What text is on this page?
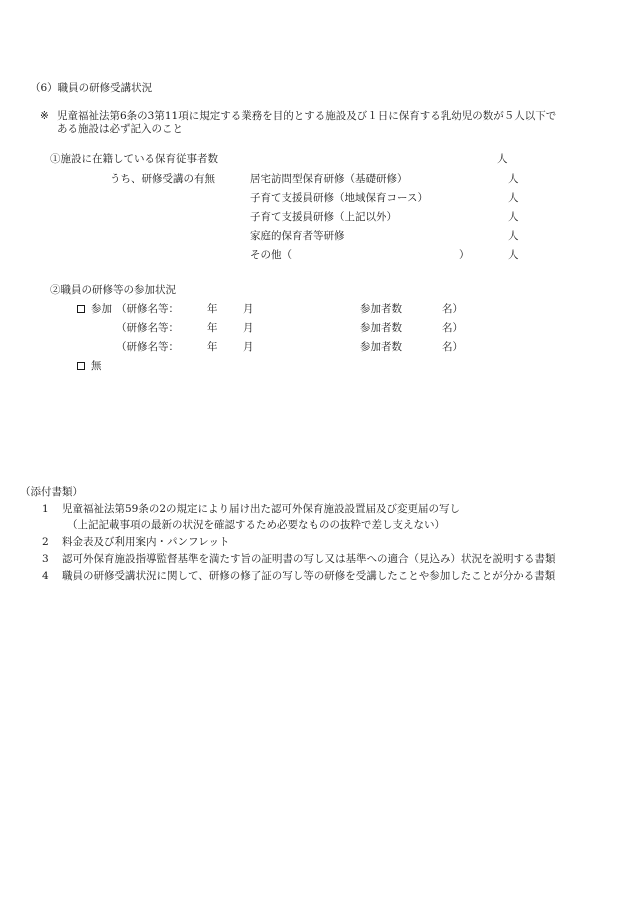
（6）職員の研修受講状況
※ 児童福祉法第6条の3第11項に規定する業務を目的とする施設及び１日に保育する乳幼児の数が５人以下で
ある施設は必ず記入のこと
①施設に在籍している保育従事者数	人
うち、研修受講の有無	居宅訪問型保育研修（基礎研修）	人
子育て支援員研修（地域保育コース）	人
子育て支援員研修（上記以外）	人
家庭的保育者等研修	人
その他（	）	人
②職員の研修等の参加状況
参加 （研修名等：	年 月	参加者数	名）
（研修名等：	年 月	参加者数	名）
（研修名等：	年 月	参加者数	名）
無
（添付書類）
1 児童福祉法第59条の2の規定により届け出た認可外保育施設設置届及び変更届の写し
（上記記載事項の最新の状況を確認するため必要なものの抜粋で差し支えない）
2 料金表及び利用案内・パンフレット
3 認可外保育施設指導監督基準を満たす旨の証明書の写し又は基準への適合（見込み）状況を説明する書類
4 職員の研修受講状況に関して、研修の修了証の写し等の研修を受講したことや参加したことが分かる書類
